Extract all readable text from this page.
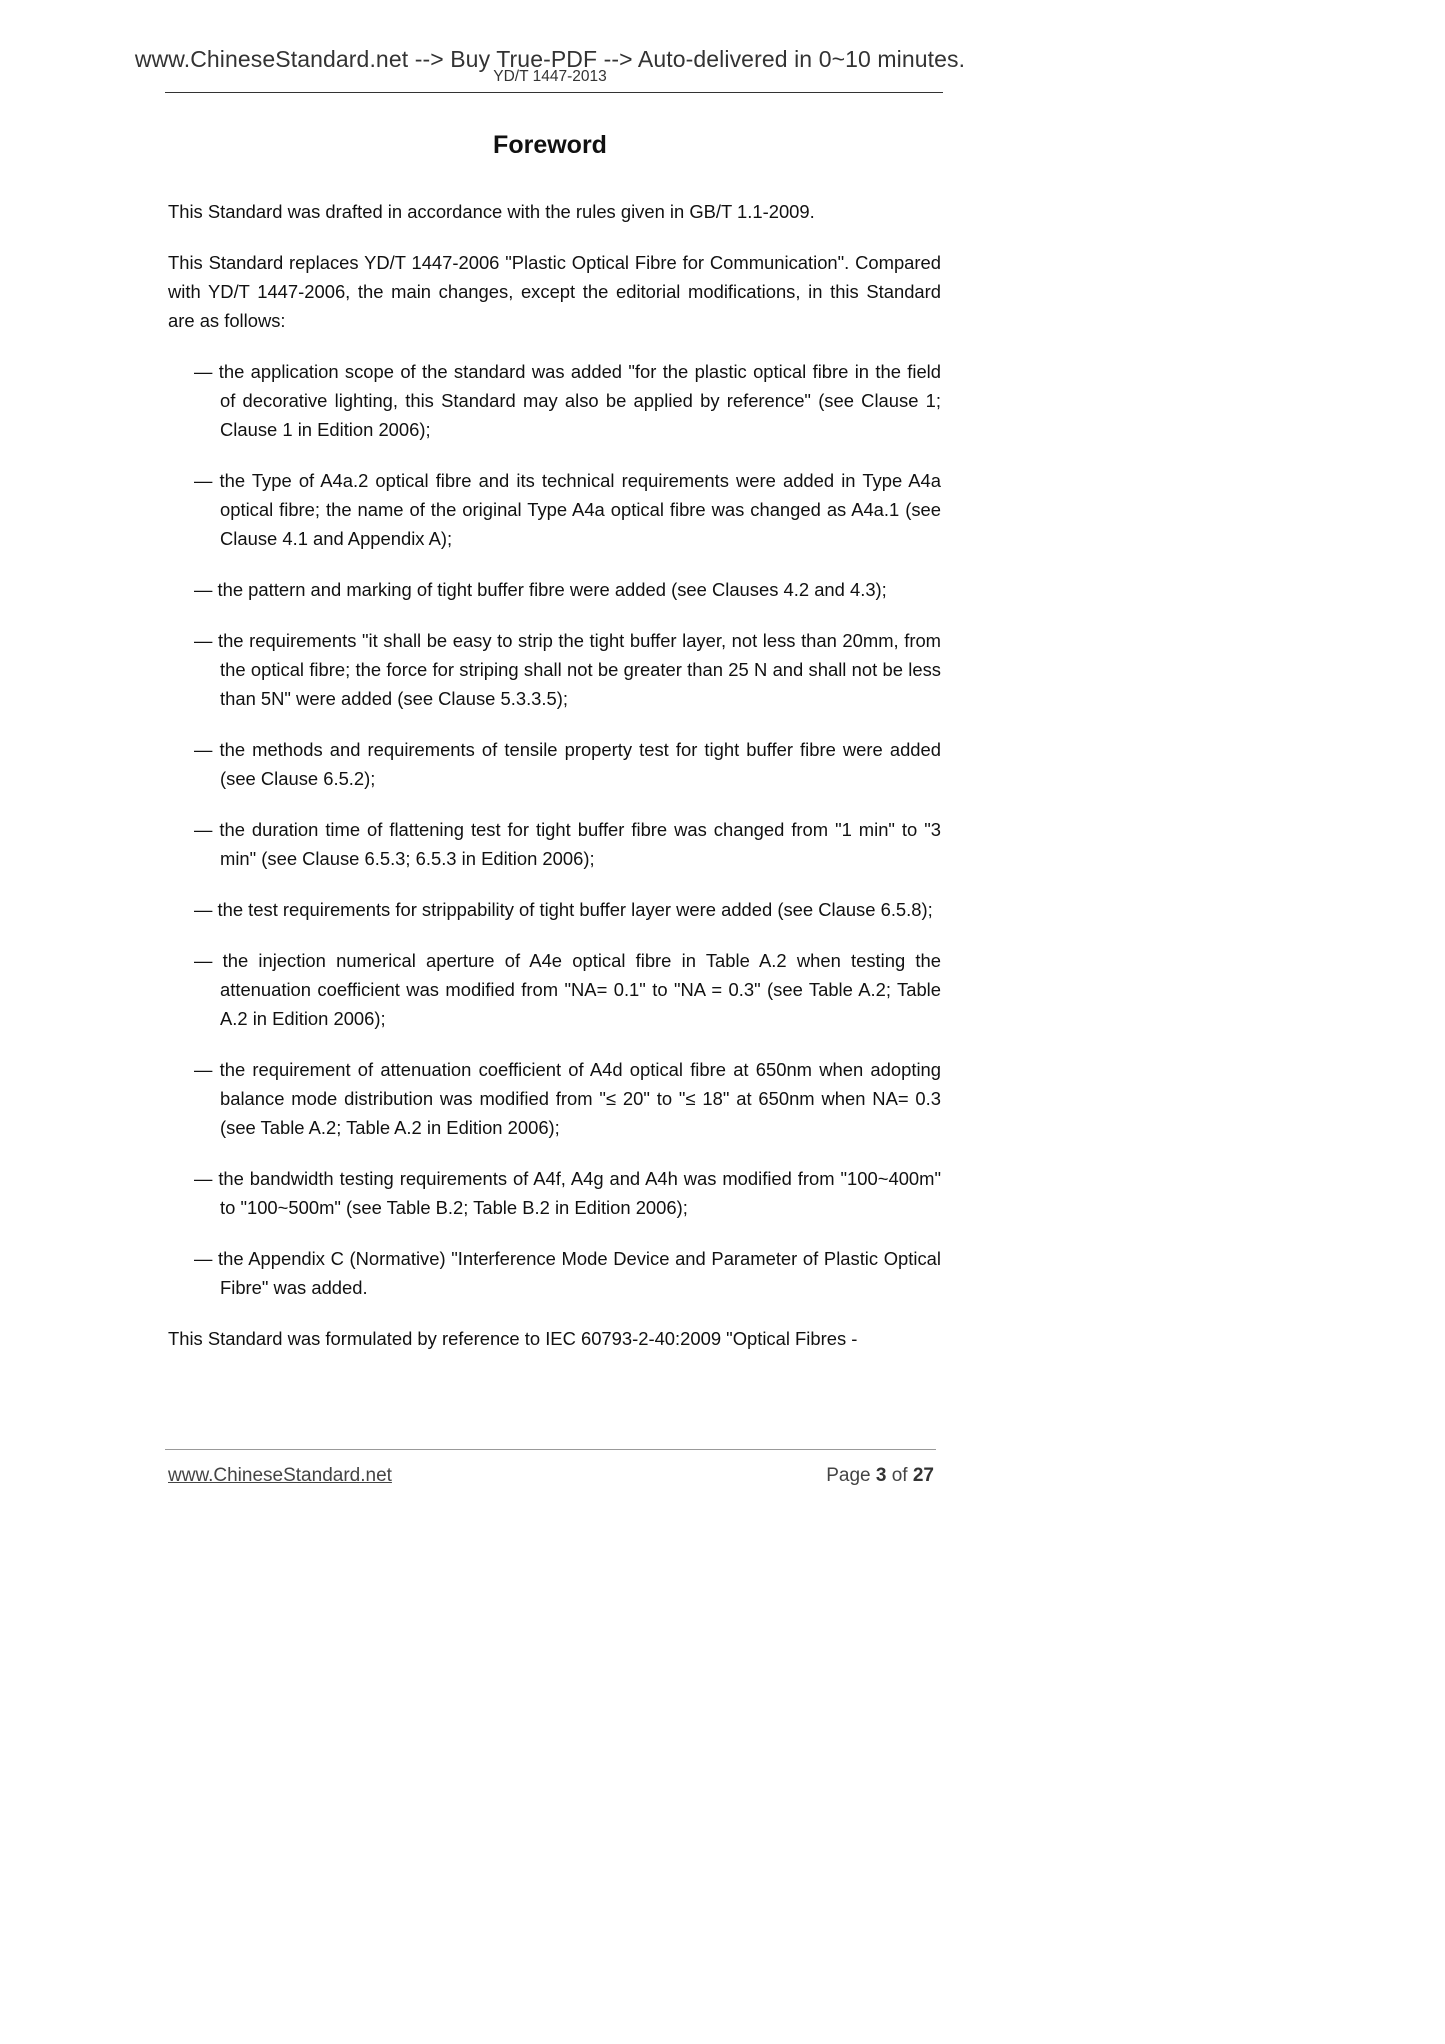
www.ChineseStandard.net --> Buy True-PDF --> Auto-delivered in 0~10 minutes.
YD/T 1447-2013
Foreword

This Standard was drafted in accordance with the rules given in GB/T 1.1-2009.

This Standard replaces YD/T 1447-2006 "Plastic Optical Fibre for Communication". Compared with YD/T 1447-2006, the main changes, except the editorial modifications, in this Standard are as follows:

— the application scope of the standard was added "for the plastic optical fibre in the field of decorative lighting, this Standard may also be applied by reference" (see Clause 1; Clause 1 in Edition 2006);

— the Type of A4a.2 optical fibre and its technical requirements were added in Type A4a optical fibre; the name of the original Type A4a optical fibre was changed as A4a.1 (see Clause 4.1 and Appendix A);

— the pattern and marking of tight buffer fibre were added (see Clauses 4.2 and 4.3);

— the requirements "it shall be easy to strip the tight buffer layer, not less than 20mm, from the optical fibre; the force for striping shall not be greater than 25 N and shall not be less than 5N" were added (see Clause 5.3.3.5);

— the methods and requirements of tensile property test for tight buffer fibre were added (see Clause 6.5.2);

— the duration time of flattening test for tight buffer fibre was changed from "1 min" to "3 min" (see Clause 6.5.3; 6.5.3 in Edition 2006);

— the test requirements for strippability of tight buffer layer were added (see Clause 6.5.8);

— the injection numerical aperture of A4e optical fibre in Table A.2 when testing the attenuation coefficient was modified from "NA= 0.1" to "NA = 0.3" (see Table A.2; Table A.2 in Edition 2006);

— the requirement of attenuation coefficient of A4d optical fibre at 650nm when adopting balance mode distribution was modified from "≤ 20" to "≤ 18" at 650nm when NA= 0.3 (see Table A.2; Table A.2 in Edition 2006);

— the bandwidth testing requirements of A4f, A4g and A4h was modified from "100~400m" to "100~500m" (see Table B.2; Table B.2 in Edition 2006);

— the Appendix C (Normative) "Interference Mode Device and Parameter of Plastic Optical Fibre" was added.

This Standard was formulated by reference to IEC 60793-2-40:2009 "Optical Fibres -

www.ChineseStandard.net	Page 3 of 27
